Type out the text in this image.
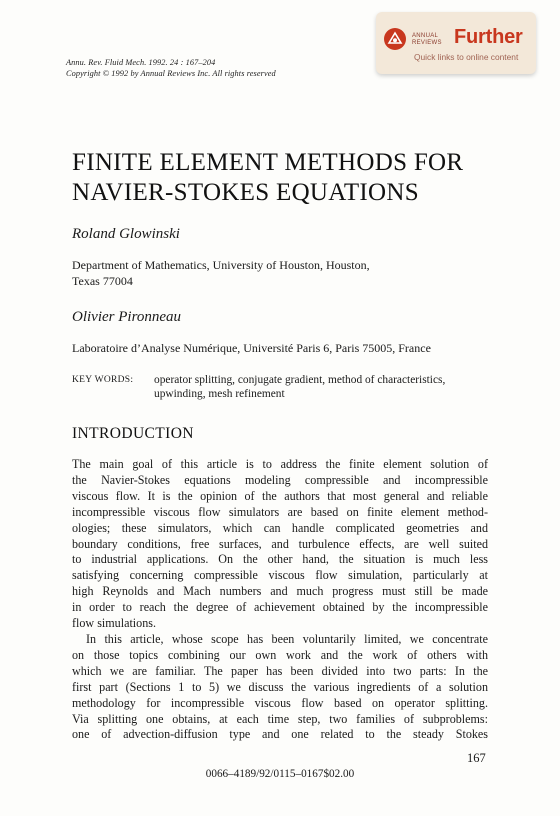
Annu. Rev. Fluid Mech. 1992. 24 : 167–204
Copyright © 1992 by Annual Reviews Inc. All rights reserved
ANNUAL
REVIEWS Further
Quick links to online content
FINITE ELEMENT METHODS FOR
NAVIER-STOKES EQUATIONS
Roland Glowinski
Department of Mathematics, University of Houston, Houston,
Texas 77004
Olivier Pironneau
Laboratoire d’Analyse Numérique, Université Paris 6, Paris 75005, France
KEY WORDS: operator splitting, conjugate gradient, method of characteristics,
upwinding, mesh refinement
INTRODUCTION
The main goal of this article is to address the finite element solution of
the Navier-Stokes equations modeling compressible and incompressible
viscous flow. It is the opinion of the authors that most general and reliable
incompressible viscous flow simulators are based on finite element method-
ologies; these simulators, which can handle complicated geometries and
boundary conditions, free surfaces, and turbulence effects, are well suited
to industrial applications. On the other hand, the situation is much less
satisfying concerning compressible viscous flow simulation, particularly at
high Reynolds and Mach numbers and much progress must still be made
in order to reach the degree of achievement obtained by the incompressible
flow simulations.
In this article, whose scope has been voluntarily limited, we concentrate
on those topics combining our own work and the work of others with
which we are familiar. The paper has been divided into two parts: In the
first part (Sections 1 to 5) we discuss the various ingredients of a solution
methodology for incompressible viscous flow based on operator splitting.
Via splitting one obtains, at each time step, two families of subproblems:
one of advection-diffusion type and one related to the steady Stokes
167
0066–4189/92/0115–0167$02.00
